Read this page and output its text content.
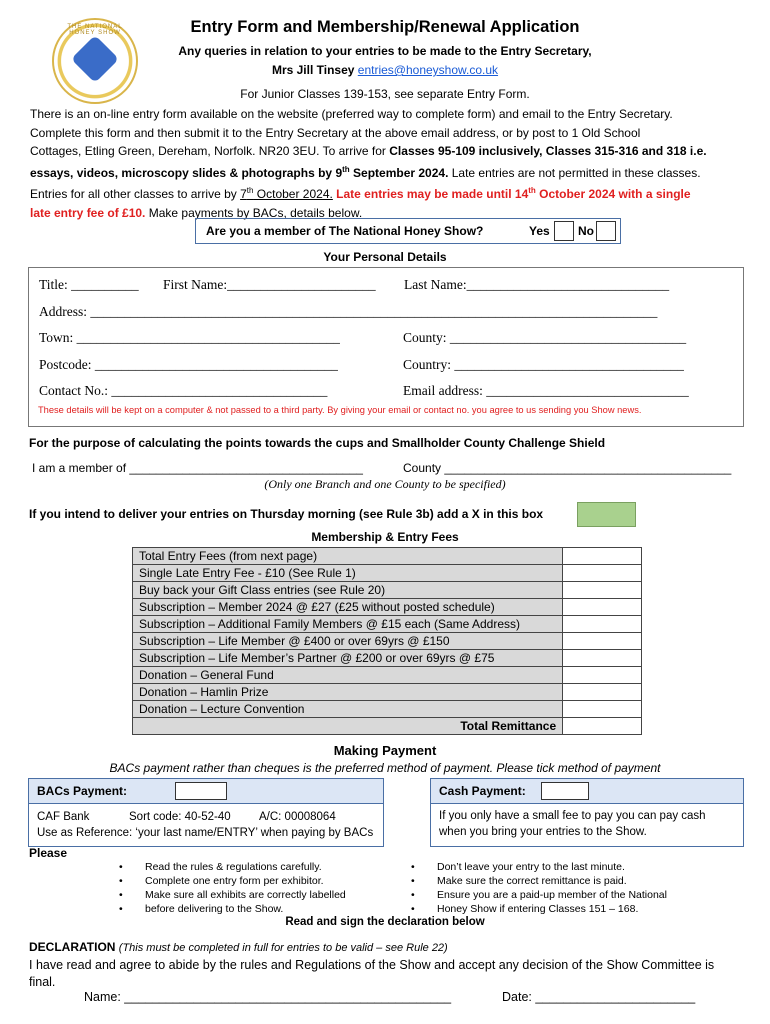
THE NATIONAL HONEY SHOW	Entry Form and Membership/Renewal Application
Any queries in relation to your entries to be made to the Entry Secretary,
Mrs Jill Tinsey entries@honeyshow.co.uk
For Junior Classes 139-153, see separate Entry Form.
There is an on-line entry form available on the website (preferred way to complete form) and email to the Entry Secretary.
Complete this form and then submit it to the Entry Secretary at the above email address, or by post to 1 Old School
Cottages, Etling Green, Dereham, Norfolk. NR20 3EU. To arrive for Classes 95-109 inclusively, Classes 315-316 and 318 i.e.
essays, videos, microscopy slides & photographs by 9th September 2024. Late entries are not permitted in these classes.
Entries for all other classes to arrive by 7th October 2024. Late entries may be made until 14th October 2024 with a single
late entry fee of £10. Make payments by BACs, details below.
Are you a member of The National Honey Show?	Yes No
Your Personal Details
Title: __________ First Name:______________________ Last Name:______________________________
Address: ____________________________________________________________________________________
Town: _______________________________________	County: ___________________________________
Postcode: ____________________________________	Country: __________________________________
Contact No.: ________________________________	Email address: ______________________________
These details will be kept on a computer & not passed to a third party. By giving your email or contact no. you agree to us sending you Show news.
For the purpose of calculating the points towards the cups and Smallholder County Challenge Shield
I am a member of ___________________________________	County ___________________________________________
(Only one Branch and one County to be specified)
If you intend to deliver your entries on Thursday morning (see Rule 3b) add a X in this box
Membership & Entry Fees
Total Entry Fees (from next page)	
Single Late Entry Fee - £10 (See Rule 1)	
Buy back your Gift Class entries (see Rule 20)	
Subscription – Member 2024 @ £27 (£25 without posted schedule)	
Subscription – Additional Family Members @ £15 each (Same Address)	
Subscription – Life Member @ £400 or over 69yrs @ £150	
Subscription – Life Member’s Partner @ £200 or over 69yrs @ £75	
Donation – General Fund	
Donation – Hamlin Prize	
Donation – Lecture Convention	
Total Remittance	
Making Payment
BACs payment rather than cheques is the preferred method of payment. Please tick method of payment
BACs Payment:
CAF Bank	Sort code: 40-52-40 A/C: 00008064
Use as Reference: ‘your last name/ENTRY’ when paying by BACs
Cash Payment:
If you only have a small fee to pay you can pay cash
when you bring your entries to the Show.
Please
• Read the rules & regulations carefully.
• Complete one entry form per exhibitor.
• Make sure all exhibits are correctly labelled
• before delivering to the Show.
• Don’t leave your entry to the last minute.
• Make sure the correct remittance is paid.
• Ensure you are a paid-up member of the National
• Honey Show if entering Classes 151 – 168.
Read and sign the declaration below
DECLARATION (This must be completed in full for entries to be valid – see Rule 22)
I have read and agree to abide by the rules and Regulations of the Show and accept any decision of the Show Committee is final.
Name: _______________________________________________	Date: _______________________
